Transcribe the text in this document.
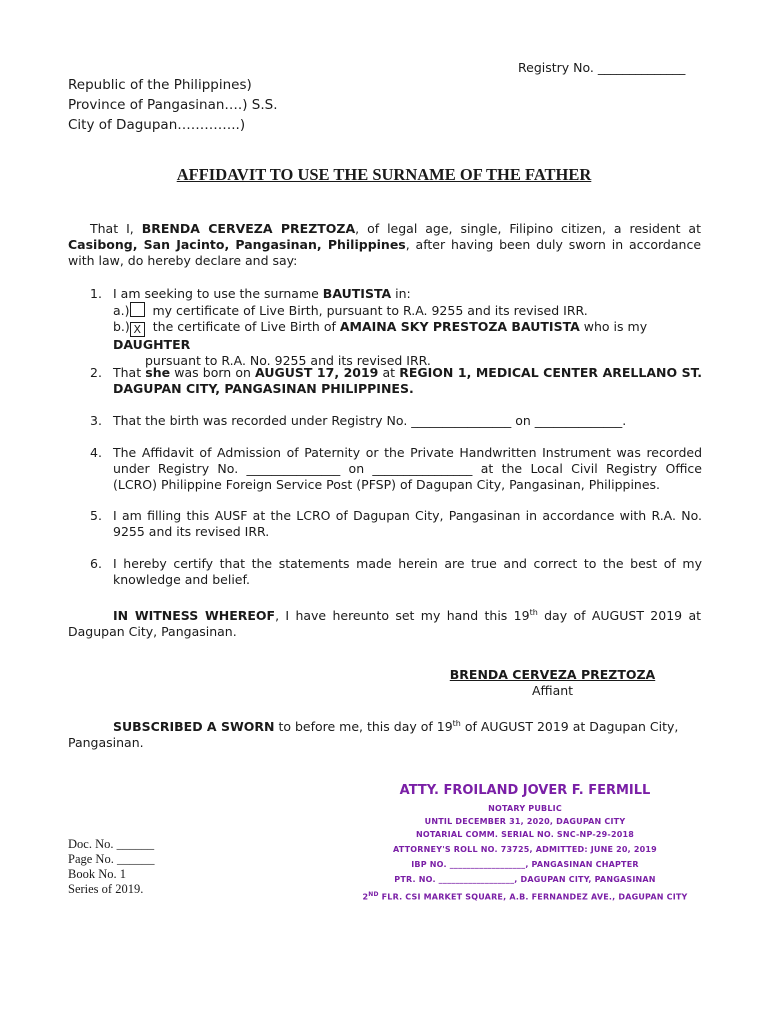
Registry No. ______________
Republic of the Philippines)
Province of Pangasinan….) S.S.
City of Dagupan…………..)
AFFIDAVIT TO USE THE SURNAME OF THE FATHER
That I, BRENDA CERVEZA PREZTOZA, of legal age, single, Filipino citizen, a resident at Casibong, San Jacinto, Pangasinan, Philippines, after having been duly sworn in accordance with law, do hereby declare and say:
1. I am seeking to use the surname BAUTISTA in:
a.) my certificate of Live Birth, pursuant to R.A. 9255 and its revised IRR.
b.) X the certificate of Live Birth of AMAINA SKY PRESTOZA BAUTISTA who is my DAUGHTER
pursuant to R.A. No. 9255 and its revised IRR.
2. That she was born on AUGUST 17, 2019 at REGION 1, MEDICAL CENTER ARELLANO ST. DAGUPAN CITY, PANGASINAN PHILIPPINES.
3. That the birth was recorded under Registry No. ________________ on ______________.
4. The Affidavit of Admission of Paternity or the Private Handwritten Instrument was recorded under Registry No. _______________ on ________________ at the Local Civil Registry Office (LCRO) Philippine Foreign Service Post (PFSP) of Dagupan City, Pangasinan, Philippines.
5. I am filling this AUSF at the LCRO of Dagupan City, Pangasinan in accordance with R.A. No. 9255 and its revised IRR.
6. I hereby certify that the statements made herein are true and correct to the best of my knowledge and belief.
IN WITNESS WHEREOF, I have hereunto set my hand this 19th day of AUGUST 2019 at Dagupan City, Pangasinan.
BRENDA CERVEZA PREZTOZA
Affiant
SUBSCRIBED A SWORN to before me, this day of 19th of AUGUST 2019 at Dagupan City, Pangasinan.
ATTY. FROILAND JOVER F. FERMILL
NOTARY PUBLIC
UNTIL DECEMBER 31, 2020, DAGUPAN CITY
NOTARIAL COMM. SERIAL NO. SNC-NP-29-2018
ATTORNEY'S ROLL NO. 73725, ADMITTED: JUNE 20, 2019
IBP NO. __________________, PANGASINAN CHAPTER
PTR. NO. __________________, DAGUPAN CITY, PANGASINAN
2ND FLR. CSI MARKET SQUARE, A.B. FERNANDEZ AVE., DAGUPAN CITY
Doc. No. ______
Page No. ______
Book No. 1
Series of 2019.
